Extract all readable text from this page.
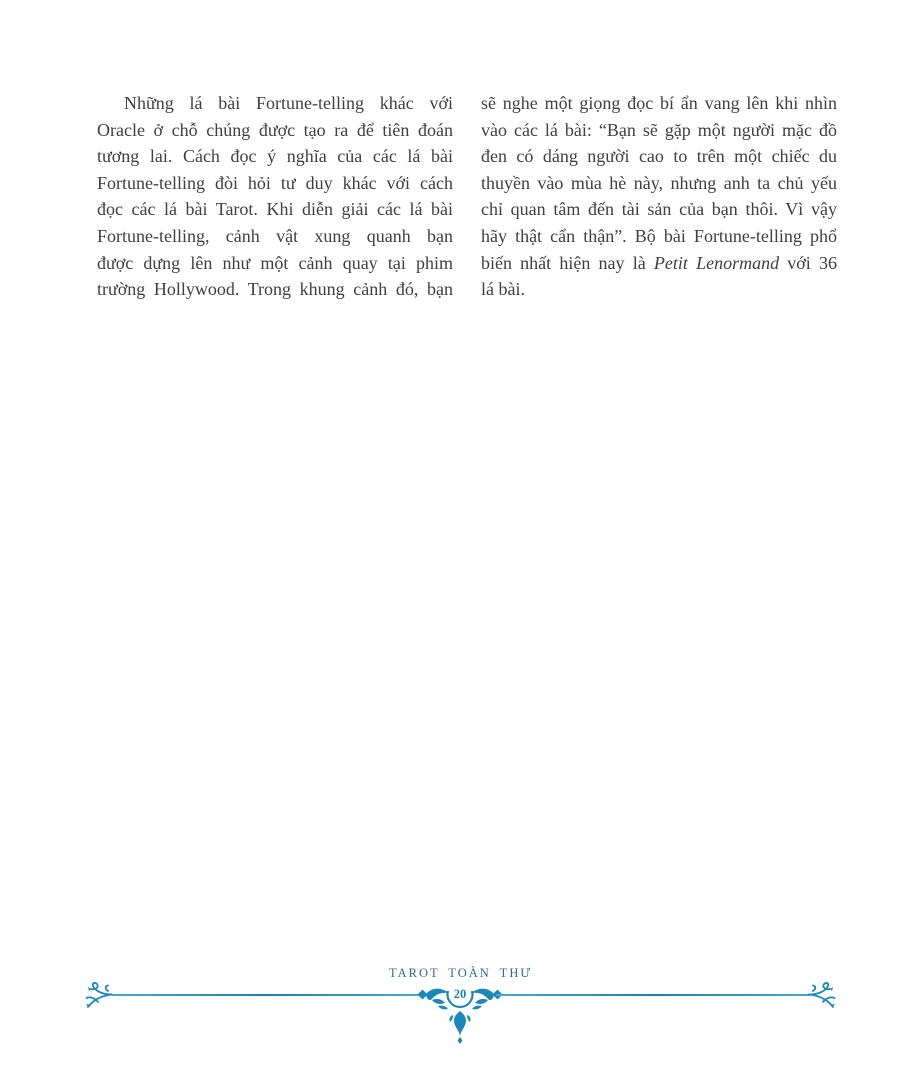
Những lá bài Fortune-telling khác với
Oracle ở chỗ chúng được tạo ra để tiên đoán
tương lai. Cách đọc ý nghĩa của các lá bài
Fortune-telling đòi hỏi tư duy khác với cách
đọc các lá bài Tarot. Khi diễn giải các lá bài
Fortune-telling, cảnh vật xung quanh bạn
được dựng lên như một cảnh quay tại phim
trường Hollywood. Trong khung cảnh đó, bạn
sẽ nghe một giọng đọc bí ẩn vang lên khi nhìn
vào các lá bài: “Bạn sẽ gặp một người mặc đồ
đen có dáng người cao to trên một chiếc du
thuyền vào mùa hè này, nhưng anh ta chủ yếu
chỉ quan tâm đến tài sản của bạn thôi. Vì vậy
hãy thật cẩn thận”. Bộ bài Fortune-telling phổ
biến nhất hiện nay là Petit Lenormand với 36
lá bài.
TAROT TOÀN THƯ
20
